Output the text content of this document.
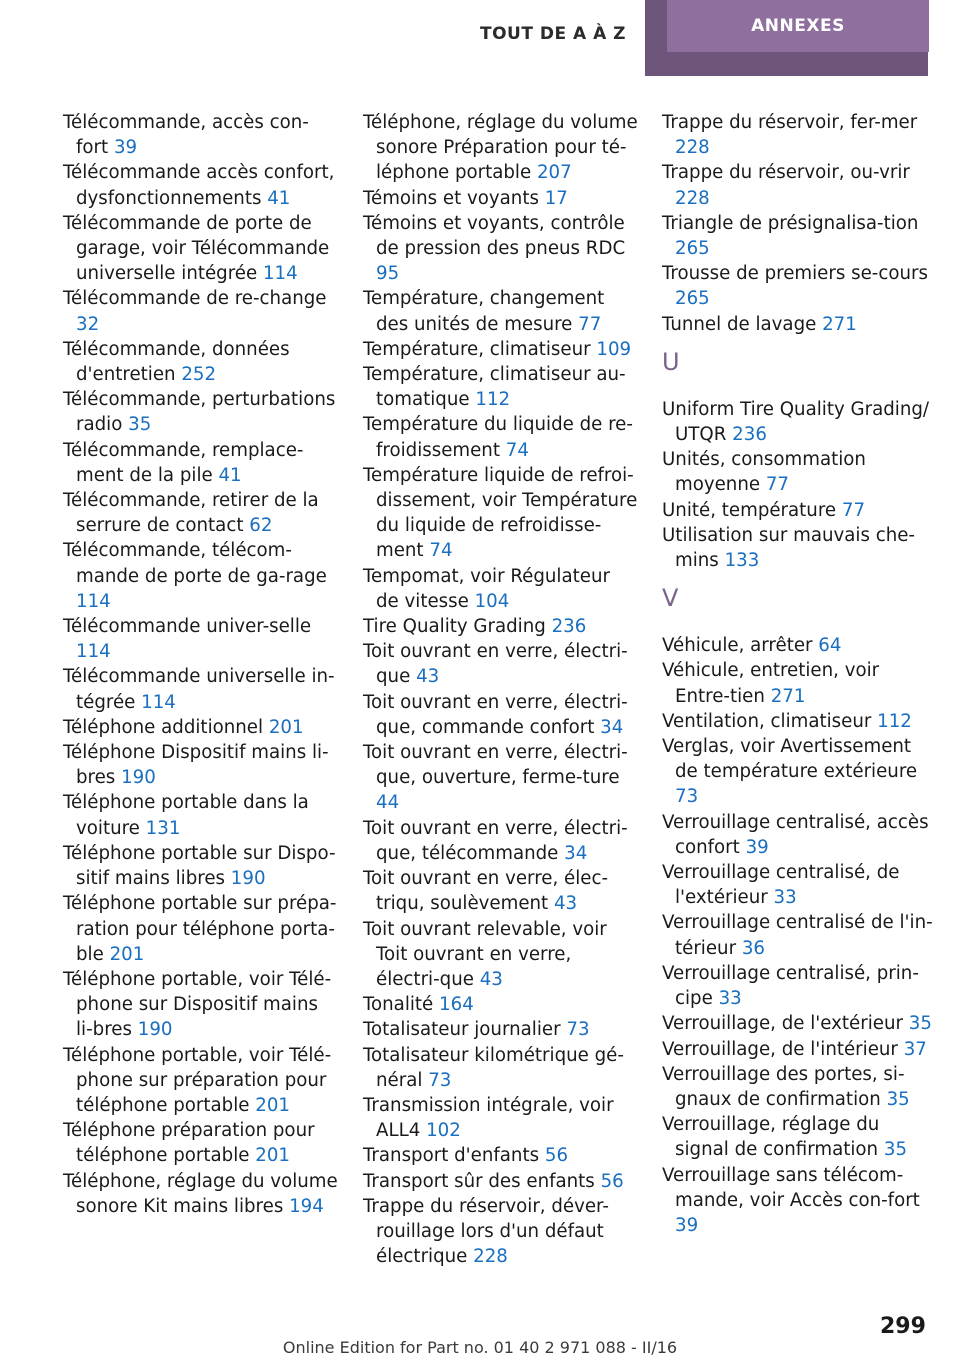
TOUT DE A À Z	ANNEXES

Télécommande, accès con-fort 39

Télécommande accès confort, dysfonctionnements 41

Télécommande de porte de garage, voir Télécommande universelle intégrée 114

Télécommande de re-change 32

Télécommande, données d'entretien 252

Télécommande, perturbations radio 35

Télécommande, remplace-ment de la pile 41

Télécommande, retirer de la serrure de contact 62

Télécommande, télécom-mande de porte de ga-rage 114

Télécommande univer-selle 114

Télécommande universelle in-tégrée 114

Téléphone additionnel 201

Téléphone Dispositif mains li-bres 190

Téléphone portable dans la voiture 131

Téléphone portable sur Dispo-sitif mains libres 190

Téléphone portable sur prépa-ration pour téléphone porta-ble 201

Téléphone portable, voir Télé-phone sur Dispositif mains li-bres 190

Téléphone portable, voir Télé-phone sur préparation pour téléphone portable 201

Téléphone préparation pour téléphone portable 201

Téléphone, réglage du volume sonore Kit mains libres 194

Téléphone, réglage du volume sonore Préparation pour té-léphone portable 207

Témoins et voyants 17

Témoins et voyants, contrôle de pression des pneus RDC 95

Température, changement des unités de mesure 77

Température, climatiseur 109

Température, climatiseur au-tomatique 112

Température du liquide de re-froidissement 74

Température liquide de refroi-dissement, voir Température du liquide de refroidisse-ment 74

Tempomat, voir Régulateur de vitesse 104

Tire Quality Grading 236

Toit ouvrant en verre, électri-que 43

Toit ouvrant en verre, électri-que, commande confort 34

Toit ouvrant en verre, électri-que, ouverture, ferme-ture 44

Toit ouvrant en verre, électri-que, télécommande 34

Toit ouvrant en verre, élec-triqu, soulèvement 43

Toit ouvrant relevable, voir Toit ouvrant en verre, électri-que 43

Tonalité 164

Totalisateur journalier 73

Totalisateur kilométrique gé-néral 73

Transmission intégrale, voir ALL4 102

Transport d'enfants 56

Transport sûr des enfants 56

Trappe du réservoir, déver-rouillage lors d'un défaut électrique 228

Trappe du réservoir, fer-mer 228

Trappe du réservoir, ou-vrir 228

Triangle de présignalisa-tion 265

Trousse de premiers se-cours 265

Tunnel de lavage 271

U

Uniform Tire Quality Grading/ UTQR 236

Unités, consommation moyenne 77

Unité, température 77

Utilisation sur mauvais che-mins 133

V

Véhicule, arrêter 64

Véhicule, entretien, voir Entre-tien 271

Ventilation, climatiseur 112

Verglas, voir Avertissement de température extérieure 73

Verrouillage centralisé, accès confort 39

Verrouillage centralisé, de l'extérieur 33

Verrouillage centralisé de l'in-térieur 36

Verrouillage centralisé, prin-cipe 33

Verrouillage, de l'extérieur 35

Verrouillage, de l'intérieur 37

Verrouillage des portes, si-gnaux de confirmation 35

Verrouillage, réglage du signal de confirmation 35

Verrouillage sans télécom-mande, voir Accès con-fort 39

299
Online Edition for Part no. 01 40 2 971 088 - II/16
